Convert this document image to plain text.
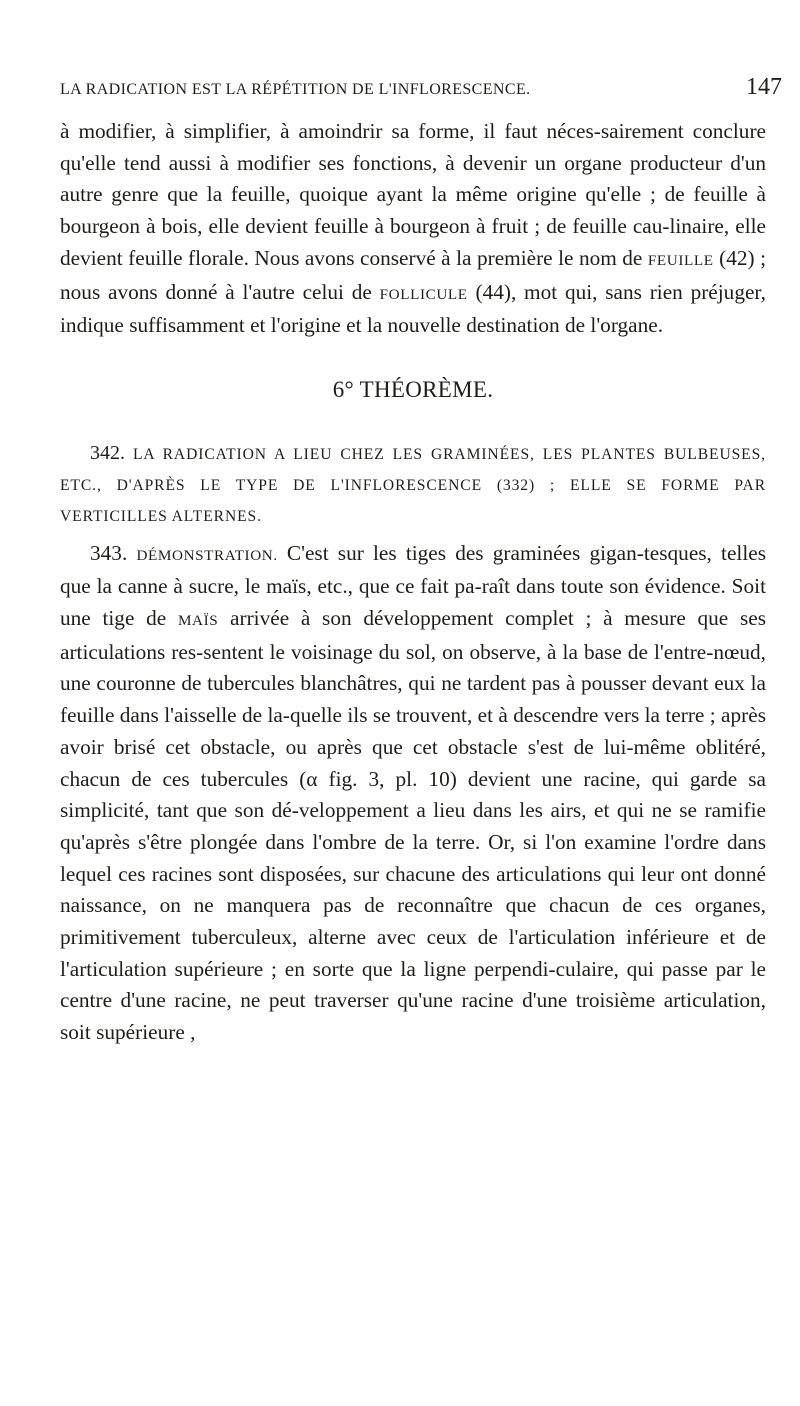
LA RADICATION EST LA RÉPÉTITION DE L'INFLORESCENCE.	147

à modifier, à simplifier, à amoindrir sa forme, il faut néces-sairement conclure qu'elle tend aussi à modifier ses fonctions, à devenir un organe producteur d'un autre genre que la feuille, quoique ayant la même origine qu'elle ; de feuille à bourgeon à bois, elle devient feuille à bourgeon à fruit ; de feuille cau-linaire, elle devient feuille florale. Nous avons conservé à la première le nom de FEUILLE (42) ; nous avons donné à l'autre celui de FOLLICULE (44), mot qui, sans rien préjuger, indique suffisamment et l'origine et la nouvelle destination de l'organe.

6° THÉORÈME.

342. LA RADICATION A LIEU CHEZ LES GRAMINÉES, LES PLANTES BULBEUSES, ETC., D'APRÈS LE TYPE DE L'INFLORESCENCE (332) ; ELLE SE FORME PAR VERTICILLES ALTERNES.

343. DÉMONSTRATION. C'est sur les tiges des graminées gigan-tesques, telles que la canne à sucre, le maïs, etc., que ce fait pa-raît dans toute son évidence. Soit une tige de MAÏS arrivée à son développement complet ; à mesure que ses articulations res-sentent le voisinage du sol, on observe, à la base de l'entre-nœud, une couronne de tubercules blanchâtres, qui ne tardent pas à pousser devant eux la feuille dans l'aisselle de la-quelle ils se trouvent, et à descendre vers la terre ; après avoir brisé cet obstacle, ou après que cet obstacle s'est de lui-même oblitéré, chacun de ces tubercules (α fig. 3, pl. 10) devient une racine, qui garde sa simplicité, tant que son dé-veloppement a lieu dans les airs, et qui ne se ramifie qu'après s'être plongée dans l'ombre de la terre. Or, si l'on examine l'ordre dans lequel ces racines sont disposées, sur chacune des articulations qui leur ont donné naissance, on ne manquera pas de reconnaître que chacun de ces organes, primitivement tuberculeux, alterne avec ceux de l'articulation inférieure et de l'articulation supérieure ; en sorte que la ligne perpendi-culaire, qui passe par le centre d'une racine, ne peut traverser qu'une racine d'une troisième articulation, soit supérieure ,
